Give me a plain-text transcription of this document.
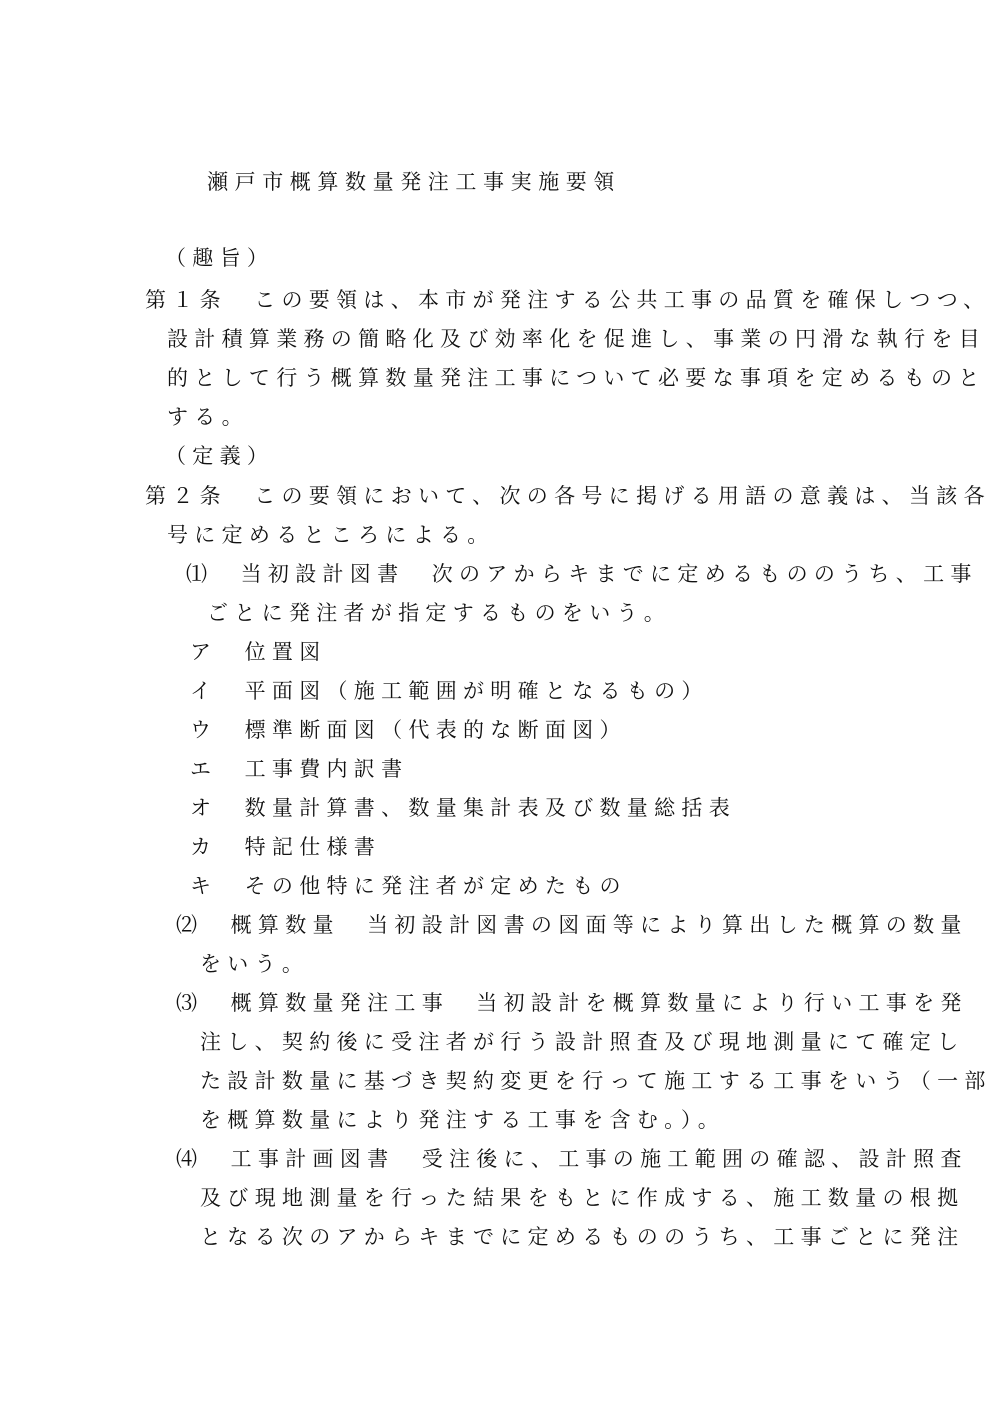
瀬戸市概算数量発注工事実施要領
（趣旨）
第１条　この要領は、本市が発注する公共工事の品質を確保しつつ、
設計積算業務の簡略化及び効率化を促進し、事業の円滑な執行を目
的として行う概算数量発注工事について必要な事項を定めるものと
する。
（定義）
第２条　この要領において、次の各号に掲げる用語の意義は、当該各
号に定めるところによる。
⑴　当初設計図書　次のアからキまでに定めるもののうち、工事
ごとに発注者が指定するものをいう。
ア　位置図
イ　平面図（施工範囲が明確となるもの）
ウ　標準断面図（代表的な断面図）
エ　工事費内訳書
オ　数量計算書、数量集計表及び数量総括表
カ　特記仕様書
キ　その他特に発注者が定めたもの
⑵　概算数量　当初設計図書の図面等により算出した概算の数量
をいう。
⑶　概算数量発注工事　当初設計を概算数量により行い工事を発
注し、契約後に受注者が行う設計照査及び現地測量にて確定し
た設計数量に基づき契約変更を行って施工する工事をいう（一部
を概算数量により発注する工事を含む。）。
⑷　工事計画図書　受注後に、工事の施工範囲の確認、設計照査
及び現地測量を行った結果をもとに作成する、施工数量の根拠
となる次のアからキまでに定めるもののうち、工事ごとに発注
